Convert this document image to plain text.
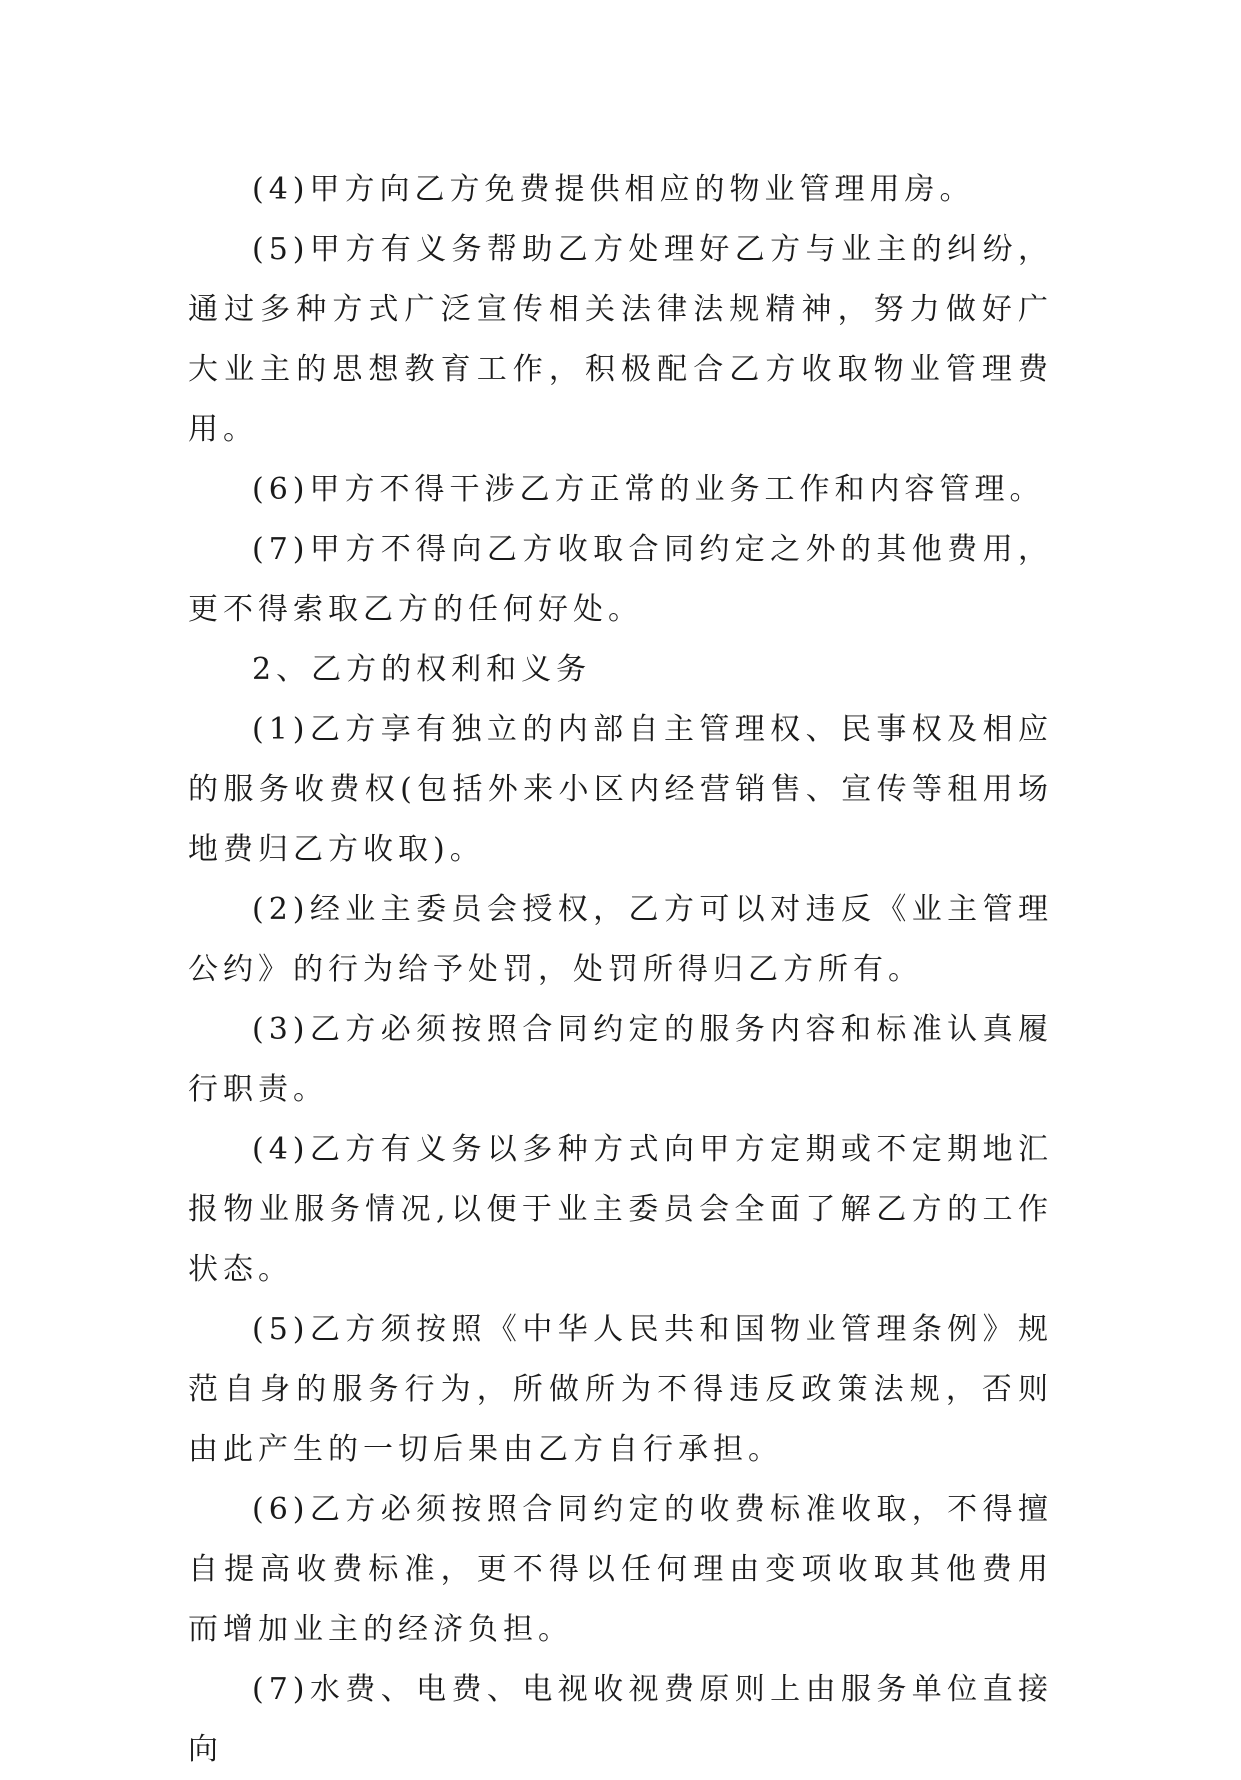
(4)甲方向乙方免费提供相应的物业管理用房。

(5)甲方有义务帮助乙方处理好乙方与业主的纠纷，通过多种方式广泛宣传相关法律法规精神，努力做好广大业主的思想教育工作，积极配合乙方收取物业管理费用。

(6)甲方不得干涉乙方正常的业务工作和内容管理。

(7)甲方不得向乙方收取合同约定之外的其他费用，更不得索取乙方的任何好处。

2、乙方的权利和义务

(1)乙方享有独立的内部自主管理权、民事权及相应的服务收费权(包括外来小区内经营销售、宣传等租用场地费归乙方收取)。

(2)经业主委员会授权，乙方可以对违反《业主管理公约》的行为给予处罚，处罚所得归乙方所有。

(3)乙方必须按照合同约定的服务内容和标准认真履行职责。

(4)乙方有义务以多种方式向甲方定期或不定期地汇报物业服务情况,以便于业主委员会全面了解乙方的工作状态。

(5)乙方须按照《中华人民共和国物业管理条例》规范自身的服务行为，所做所为不得违反政策法规，否则由此产生的一切后果由乙方自行承担。

(6)乙方必须按照合同约定的收费标准收取，不得擅自提高收费标准，更不得以任何理由变项收取其他费用而增加业主的经济负担。

(7)水费、电费、电视收视费原则上由服务单位直接向
